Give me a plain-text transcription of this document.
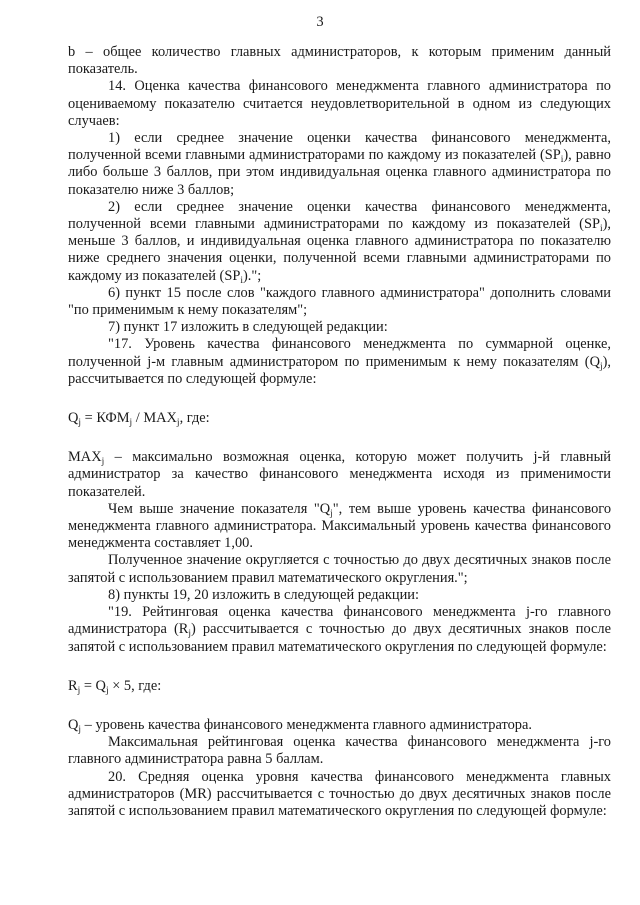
3

b – общее количество главных администраторов, к которым применим данный показатель.

14. Оценка качества финансового менеджмента главного администратора по оцениваемому показателю считается неудовлетворительной в одном из следующих случаев:

1) если среднее значение оценки качества финансового менеджмента, полученной всеми главными администраторами по каждому из показателей $(SP_i)$, равно либо больше 3 баллов, при этом индивидуальная оценка главного администратора по показателю ниже 3 баллов;

2) если среднее значение оценки качества финансового менеджмента, полученной всеми главными администраторами по каждому из показателей $(SP_i)$, меньше 3 баллов, и индивидуальная оценка главного администратора по показателю ниже среднего значения оценки, полученной всеми главными администраторами по каждому из показателей $(SP_i)$.";

6) пункт 15 после слов "каждого главного администратора" дополнить словами "по применимым к нему показателям";

7) пункт 17 изложить в следующей редакции:

"17. Уровень качества финансового менеджмента по суммарной оценке, полученной j-м главным администратором по применимым к нему показателям $(Q_j)$, рассчитывается по следующей формуле:

$Q_j = КФМ_j / MAX_j$, где:

$MAX_j$ – максимально возможная оценка, которую может получить j-й главный администратор за качество финансового менеджмента исходя из применимости показателей.

Чем выше значение показателя "$Q_j$", тем выше уровень качества финансового менеджмента главного администратора. Максимальный уровень качества финансового менеджмента составляет 1,00.

Полученное значение округляется с точностью до двух десятичных знаков после запятой с использованием правил математического округления.";

8) пункты 19, 20 изложить в следующей редакции:

"19. Рейтинговая оценка качества финансового менеджмента j-го главного администратора $(R_j)$ рассчитывается с точностью до двух десятичных знаков после запятой с использованием правил математического округления по следующей формуле:

$R_j = Q_j \times 5$, где:

$Q_j$ – уровень качества финансового менеджмента главного администратора.

Максимальная рейтинговая оценка качества финансового менеджмента j-го главного администратора равна 5 баллам.

20. Средняя оценка уровня качества финансового менеджмента главных администраторов (MR) рассчитывается с точностью до двух десятичных знаков после запятой с использованием правил математического округления по следующей формуле:
